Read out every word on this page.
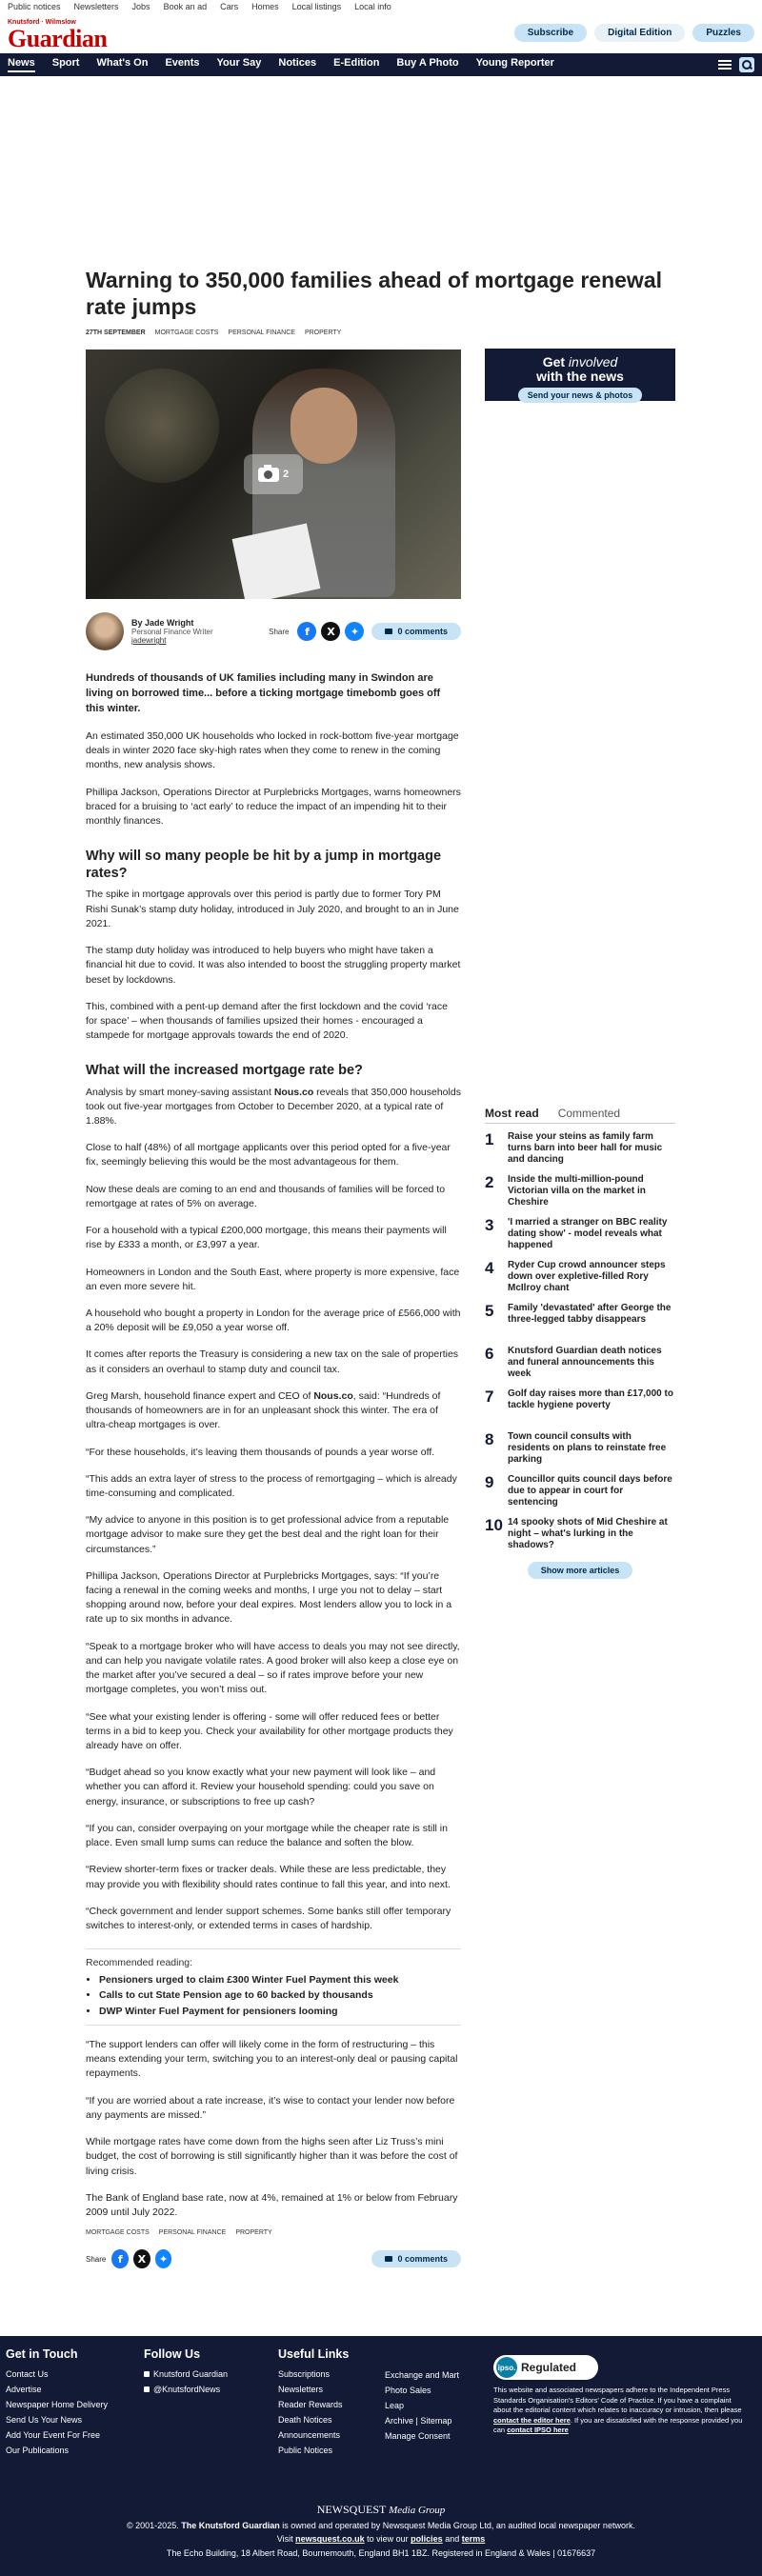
Public notices Newsletters Jobs Book an ad Cars Homes Local listings Local info
Knutsford · Wilmslow
Guardian	Subscribe	Digital Edition	Puzzles
News Sport What's On Events Your Say Notices E-Edition Buy A Photo Young Reporter
Warning to 350,000 families ahead of mortgage renewal rate jumps
27TH SEPTEMBER MORTGAGE COSTS PERSONAL FINANCE PROPERTY
2
By Jade Wright
Personal Finance Writer
jadewright
Share	f	X	✦	0 comments

Hundreds of thousands of UK families including many in Swindon are living on borrowed time... before a ticking mortgage timebomb goes off this winter.

An estimated 350,000 UK households who locked in rock-bottom five-year mortgage deals in winter 2020 face sky-high rates when they come to renew in the coming months, new analysis shows.

Phillipa Jackson, Operations Director at Purplebricks Mortgages, warns homeowners braced for a bruising to ‘act early’ to reduce the impact of an impending hit to their monthly finances.

Why will so many people be hit by a jump in mortgage rates?

The spike in mortgage approvals over this period is partly due to former Tory PM Rishi Sunak’s stamp duty holiday, introduced in July 2020, and brought to an in June 2021.

The stamp duty holiday was introduced to help buyers who might have taken a financial hit due to covid. It was also intended to boost the struggling property market beset by lockdowns.

This, combined with a pent-up demand after the first lockdown and the covid ‘race for space’ – when thousands of families upsized their homes - encouraged a stampede for mortgage approvals towards the end of 2020.

What will the increased mortgage rate be?

Analysis by smart money-saving assistant Nous.co reveals that 350,000 households took out five-year mortgages from October to December 2020, at a typical rate of 1.88%.

Close to half (48%) of all mortgage applicants over this period opted for a five-year fix, seemingly believing this would be the most advantageous for them.

Now these deals are coming to an end and thousands of families will be forced to remortgage at rates of 5% on average.

For a household with a typical £200,000 mortgage, this means their payments will rise by £333 a month, or £3,997 a year.

Homeowners in London and the South East, where property is more expensive, face an even more severe hit.

A household who bought a property in London for the average price of £566,000 with a 20% deposit will be £9,050 a year worse off.

It comes after reports the Treasury is considering a new tax on the sale of properties as it considers an overhaul to stamp duty and council tax.

Greg Marsh, household finance expert and CEO of Nous.co, said: “Hundreds of thousands of homeowners are in for an unpleasant shock this winter. The era of ultra-cheap mortgages is over.

“For these households, it’s leaving them thousands of pounds a year worse off.

“This adds an extra layer of stress to the process of remortgaging – which is already time-consuming and complicated.

“My advice to anyone in this position is to get professional advice from a reputable mortgage advisor to make sure they get the best deal and the right loan for their circumstances.”

Phillipa Jackson, Operations Director at Purplebricks Mortgages, says: “If you’re facing a renewal in the coming weeks and months, I urge you not to delay – start shopping around now, before your deal expires. Most lenders allow you to lock in a rate up to six months in advance.

“Speak to a mortgage broker who will have access to deals you may not see directly, and can help you navigate volatile rates. A good broker will also keep a close eye on the market after you’ve secured a deal – so if rates improve before your new mortgage completes, you won’t miss out.

“See what your existing lender is offering - some will offer reduced fees or better terms in a bid to keep you. Check your availability for other mortgage products they already have on offer.

“Budget ahead so you know exactly what your new payment will look like – and whether you can afford it. Review your household spending: could you save on energy, insurance, or subscriptions to free up cash?

“If you can, consider overpaying on your mortgage while the cheaper rate is still in place. Even small lump sums can reduce the balance and soften the blow.

“Review shorter-term fixes or tracker deals. While these are less predictable, they may provide you with flexibility should rates continue to fall this year, and into next.

“Check government and lender support schemes. Some banks still offer temporary switches to interest-only, or extended terms in cases of hardship.

Recommended reading:
• Pensioners urged to claim £300 Winter Fuel Payment this week
• Calls to cut State Pension age to 60 backed by thousands
• DWP Winter Fuel Payment for pensioners looming

“The support lenders can offer will likely come in the form of restructuring – this means extending your term, switching you to an interest-only deal or pausing capital repayments.

“If you are worried about a rate increase, it’s wise to contact your lender now before any payments are missed.”

While mortgage rates have come down from the highs seen after Liz Truss’s mini budget, the cost of borrowing is still significantly higher than it was before the cost of living crisis.

The Bank of England base rate, now at 4%, remained at 1% or below from February 2009 until July 2022.

MORTGAGE COSTS PERSONAL FINANCE PROPERTY
Share	f	X	✦	0 comments
Get involved
with the news
Send your news & photos
Most read Commented
1	Raise your steins as family farm turns barn into beer hall for music and dancing
2	Inside the multi-million-pound Victorian villa on the market in Cheshire
3	'I married a stranger on BBC reality dating show' - model reveals what happened
4	Ryder Cup crowd announcer steps down over expletive-filled Rory McIlroy chant
5	Family 'devastated' after George the three-legged tabby disappears
6	Knutsford Guardian death notices and funeral announcements this week
7	Golf day raises more than £17,000 to tackle hygiene poverty
8	Town council consults with residents on plans to reinstate free parking
9	Councillor quits council days before due to appear in court for sentencing
10 14 spooky shots of Mid Cheshire at night – what's lurking in the shadows?
Show more articles
Get in Touch
Contact Us
Advertise
Newspaper Home Delivery
Send Us Your News
Add Your Event For Free
Our Publications
Follow Us
Knutsford Guardian
@KnutsfordNews
Useful Links
Subscriptions
Newsletters
Reader Rewards
Death Notices
Announcements
Public Notices
Exchange and Mart
Photo Sales
Leap
Archive | Sitemap
Manage Consent
ipso. Regulated
This website and associated newspapers adhere to the Independent Press Standards Organisation's Editors' Code of Practice. If you have a complaint about the editorial content which relates to inaccuracy or intrusion, then please contact the editor here. If you are dissatisfied with the response provided you can contact IPSO here
NEWSQUEST Media Group
© 2001-2025. The Knutsford Guardian is owned and operated by Newsquest Media Group Ltd, an audited local newspaper network.
Visit newsquest.co.uk to view our policies and terms
The Echo Building, 18 Albert Road, Bournemouth, England BH1 1BZ. Registered in England & Wales | 01676637
